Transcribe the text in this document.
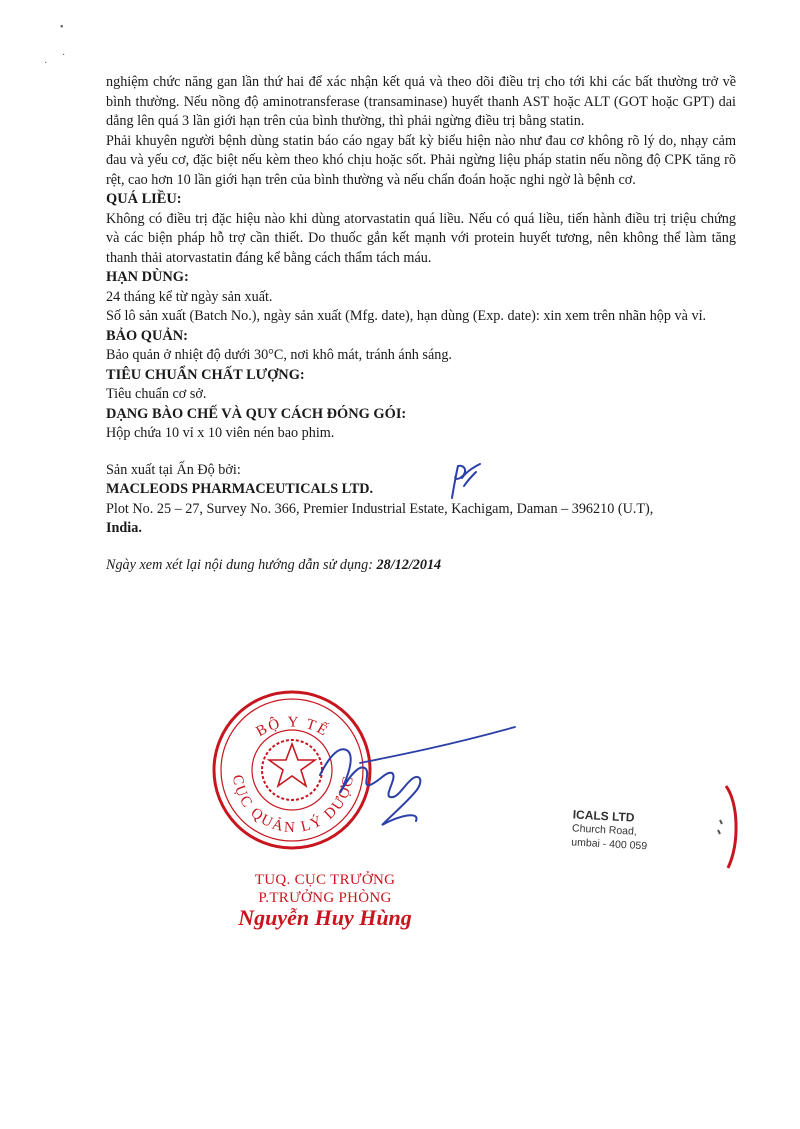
•
·
·

nghiệm chức năng gan lần thứ hai để xác nhận kết quả và theo dõi điều trị cho tới khi các bất thường trở về bình thường. Nếu nồng độ aminotransferase (transaminase) huyết thanh AST hoặc ALT (GOT hoặc GPT) dai dẳng lên quá 3 lần giới hạn trên của bình thường, thì phải ngừng điều trị bằng statin.

Phải khuyên người bệnh dùng statin báo cáo ngay bất kỳ biểu hiện nào như đau cơ không rõ lý do, nhạy cảm đau và yếu cơ, đặc biệt nếu kèm theo khó chịu hoặc sốt. Phải ngừng liệu pháp statin nếu nồng độ CPK tăng rõ rệt, cao hơn 10 lần giới hạn trên của bình thường và nếu chẩn đoán hoặc nghi ngờ là bệnh cơ.

QUÁ LIỀU:

Không có điều trị đặc hiệu nào khi dùng atorvastatin quá liều. Nếu có quá liều, tiến hành điều trị triệu chứng và các biện pháp hỗ trợ cần thiết. Do thuốc gắn kết mạnh với protein huyết tương, nên không thể làm tăng thanh thải atorvastatin đáng kể bằng cách thẩm tách máu.

HẠN DÙNG:

24 tháng kể từ ngày sản xuất.

Số lô sản xuất (Batch No.), ngày sản xuất (Mfg. date), hạn dùng (Exp. date): xin xem trên nhãn hộp và vỉ.

BẢO QUẢN:

Bảo quản ở nhiệt độ dưới 30°C, nơi khô mát, tránh ánh sáng.

TIÊU CHUẨN CHẤT LƯỢNG:

Tiêu chuẩn cơ sở.

DẠNG BÀO CHẾ VÀ QUY CÁCH ĐÓNG GÓI:

Hộp chứa 10 vỉ x 10 viên nén bao phim.

Sản xuất tại Ấn Độ bởi:

MACLEODS PHARMACEUTICALS LTD.

Plot No. 25 – 27, Survey No. 366, Premier Industrial Estate, Kachigam, Daman – 396210 (U.T),

India.

Ngày xem xét lại nội dung hướng dẫn sử dụng: 28/12/2014

BỘ Y TẾ
CỤC QUẢN LÝ DƯỢC
TUQ. CỤC TRƯỞNG
P.TRƯỞNG PHÒNG
Nguyễn Huy Hùng
ICALS LTD
Church Road,
umbai - 400 059
